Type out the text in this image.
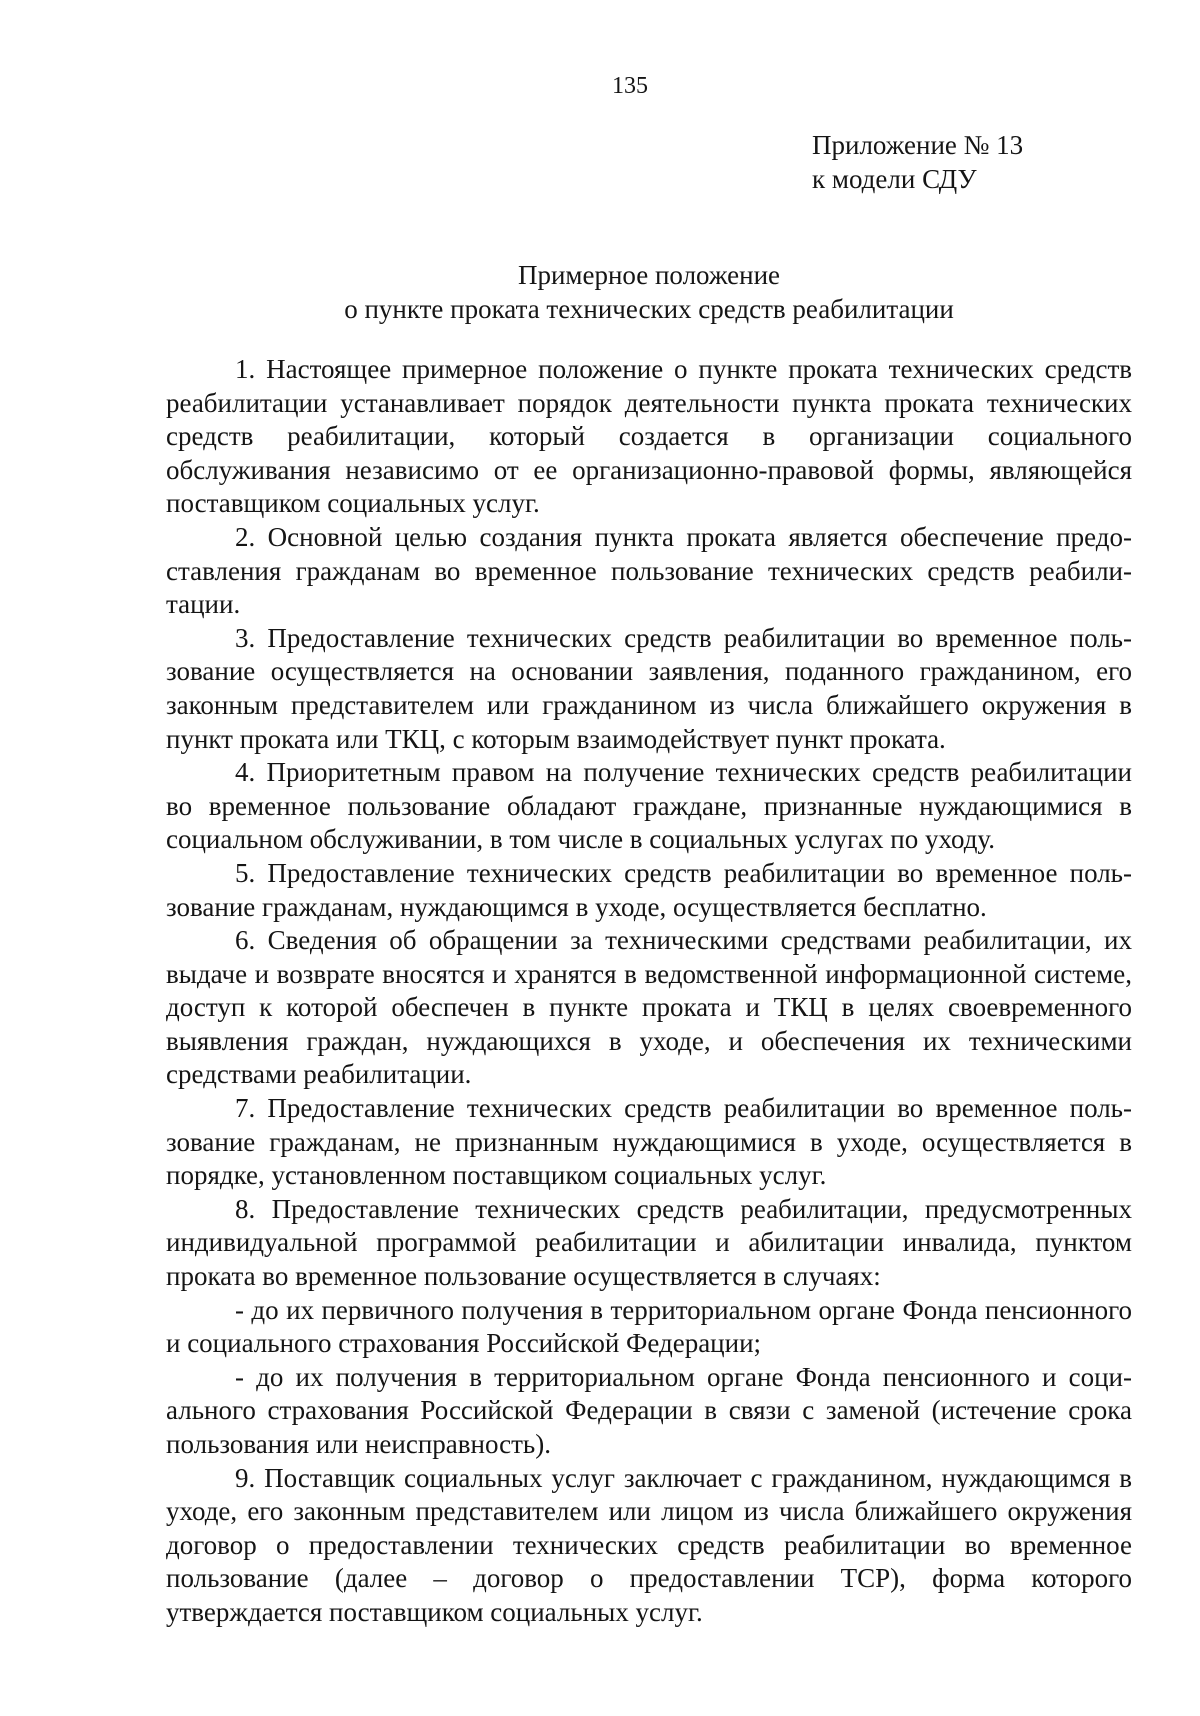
135
Приложение № 13
к модели СДУ
Примерное положение
о пункте проката технических средств реабилитации

1. Настоящее примерное положение о пункте проката технических средств реабилитации устанавливает порядок деятельности пункта проката технических средств реабилитации, который создается в организации социального обслуживания независимо от ее организационно-правовой формы, являющейся поставщиком социальных услуг.

2. Основной целью создания пункта проката является обеспечение предоставления гражданам во временное пользование технических средств реабилитации.

3. Предоставление технических средств реабилитации во временное пользование осуществляется на основании заявления, поданного гражданином, его законным представителем или гражданином из числа ближайшего окружения в пункт проката или ТКЦ, с которым взаимодействует пункт проката.

4. Приоритетным правом на получение технических средств реабилитации во временное пользование обладают граждане, признанные нуждающимися в социальном обслуживании, в том числе в социальных услугах по уходу.

5. Предоставление технических средств реабилитации во временное пользование гражданам, нуждающимся в уходе, осуществляется бесплатно.

6. Сведения об обращении за техническими средствами реабилитации, их выдаче и возврате вносятся и хранятся в ведомственной информационной системе, доступ к которой обеспечен в пункте проката и ТКЦ в целях своевременного выявления граждан, нуждающихся в уходе, и обеспечения их техническими средствами реабилитации.

7. Предоставление технических средств реабилитации во временное пользование гражданам, не признанным нуждающимися в уходе, осуществляется в порядке, установленном поставщиком социальных услуг.

8. Предоставление технических средств реабилитации, предусмотренных индивидуальной программой реабилитации и абилитации инвалида, пунктом проката во временное пользование осуществляется в случаях:

- до их первичного получения в территориальном органе Фонда пенсионного и социального страхования Российской Федерации;

- до их получения в территориальном органе Фонда пенсионного и социального страхования Российской Федерации в связи с заменой (истечение срока пользования или неисправность).

9. Поставщик социальных услуг заключает с гражданином, нуждающимся в уходе, его законным представителем или лицом из числа ближайшего окружения договор о предоставлении технических средств реабилитации во временное пользование (далее – договор о предоставлении ТСР), форма которого утверждается поставщиком социальных услуг.
